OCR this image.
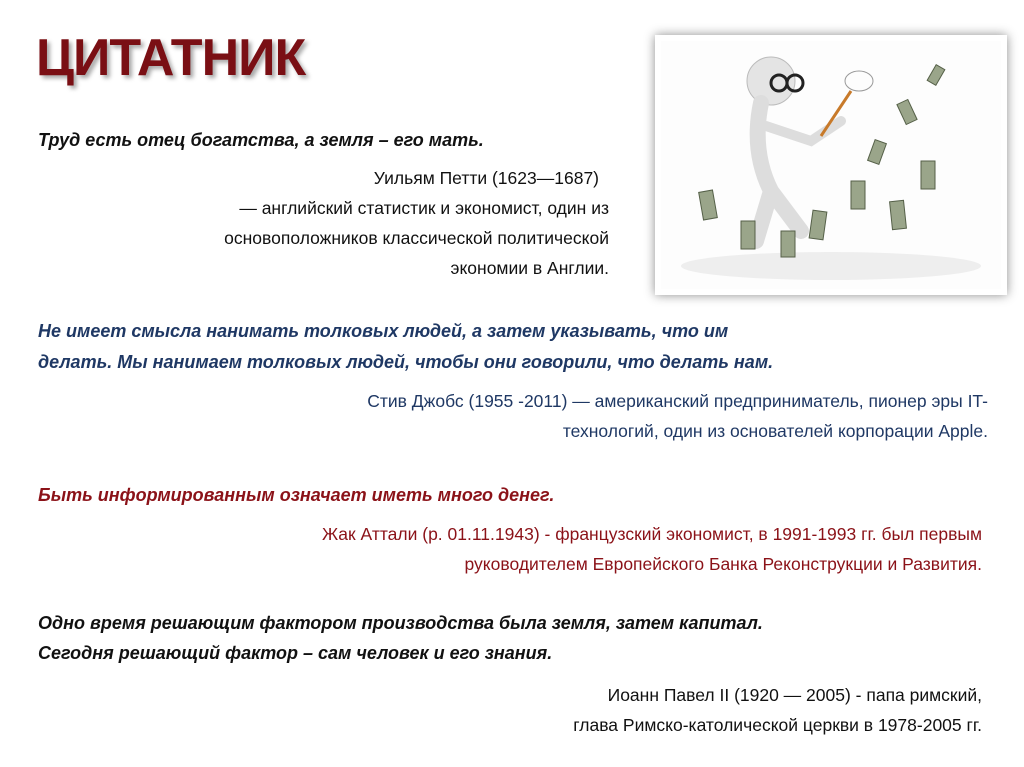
ЦИТАТНИК
Труд есть отец богатства, а земля – его мать.
Уильям Петти (1623—1687)
— английский статистик и экономист, один из
основоположников классической политической
экономии в Англии.
Не имеет смысла нанимать толковых людей, а затем указывать, что им
делать. Мы нанимаем толковых людей, чтобы они говорили, что делать нам.
Стив Джобс (1955 -2011) — американский предприниматель, пионер эры IT-
технологий, один из основателей корпорации Apple.
Быть информированным означает иметь много денег.
Жак Аттали (р. 01.11.1943) - французский экономист, в 1991-1993 гг. был первым
руководителем Европейского Банка Реконструкции и Развития.
Одно время решающим фактором производства была земля, затем капитал.
Сегодня решающий фактор – сам человек и его знания.
Иоанн Павел II (1920 — 2005) - папа римский,
глава Римско-католической церкви в 1978-2005 гг.
